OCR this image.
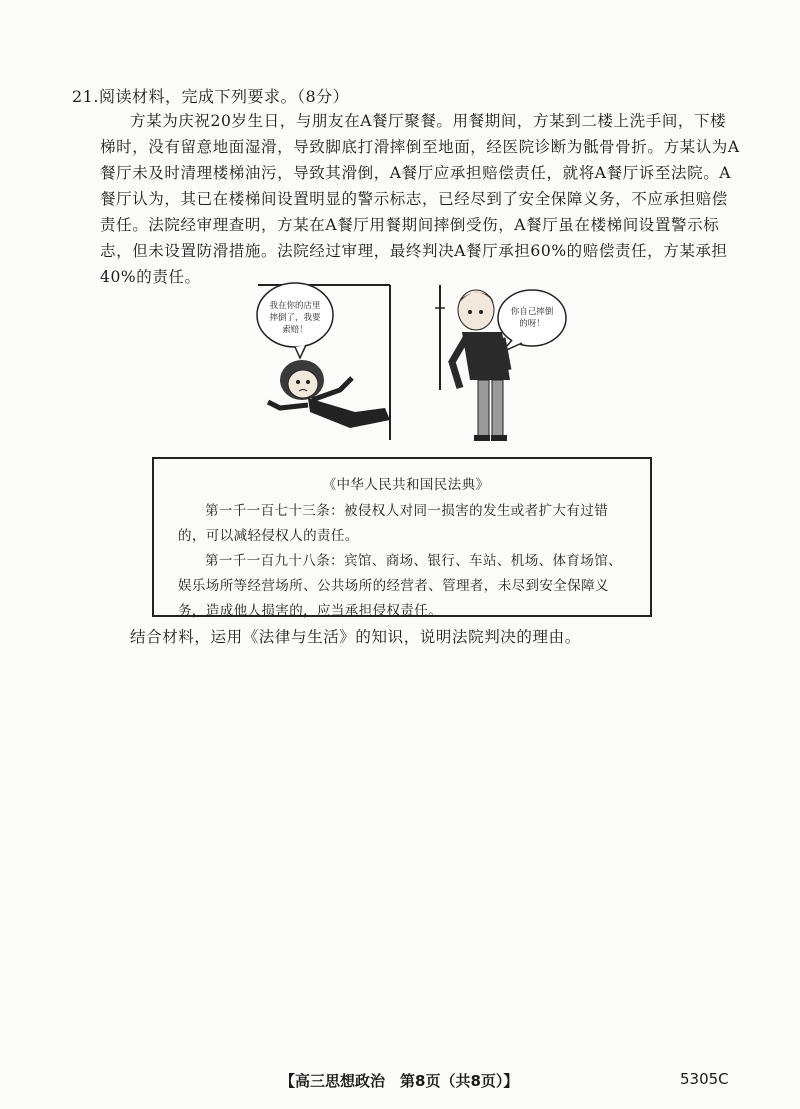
21.阅读材料，完成下列要求。（8分）

方某为庆祝20岁生日，与朋友在A餐厅聚餐。用餐期间，方某到二楼上洗手间，下楼梯时，没有留意地面湿滑，导致脚底打滑摔倒至地面，经医院诊断为骶骨骨折。方某认为A餐厅未及时清理楼梯油污，导致其滑倒，A餐厅应承担赔偿责任，就将A餐厅诉至法院。A餐厅认为，其已在楼梯间设置明显的警示标志，已经尽到了安全保障义务，不应承担赔偿责任。法院经审理查明，方某在A餐厅用餐期间摔倒受伤，A餐厅虽在楼梯间设置警示标志，但未设置防滑措施。法院经过审理，最终判决A餐厅承担60%的赔偿责任，方某承担40%的责任。

我在你的店里
摔倒了，我要
索赔！
你自己摔倒
的呀！
《中华人民共和国民法典》

第一千一百七十三条：被侵权人对同一损害的发生或者扩大有过错的，可以减轻侵权人的责任。

第一千一百九十八条：宾馆、商场、银行、车站、机场、体育场馆、娱乐场所等经营场所、公共场所的经营者、管理者，未尽到安全保障义务，造成他人损害的，应当承担侵权责任。

结合材料，运用《法律与生活》的知识，说明法院判决的理由。
【高三思想政治　第8页（共8页）】	5305C
